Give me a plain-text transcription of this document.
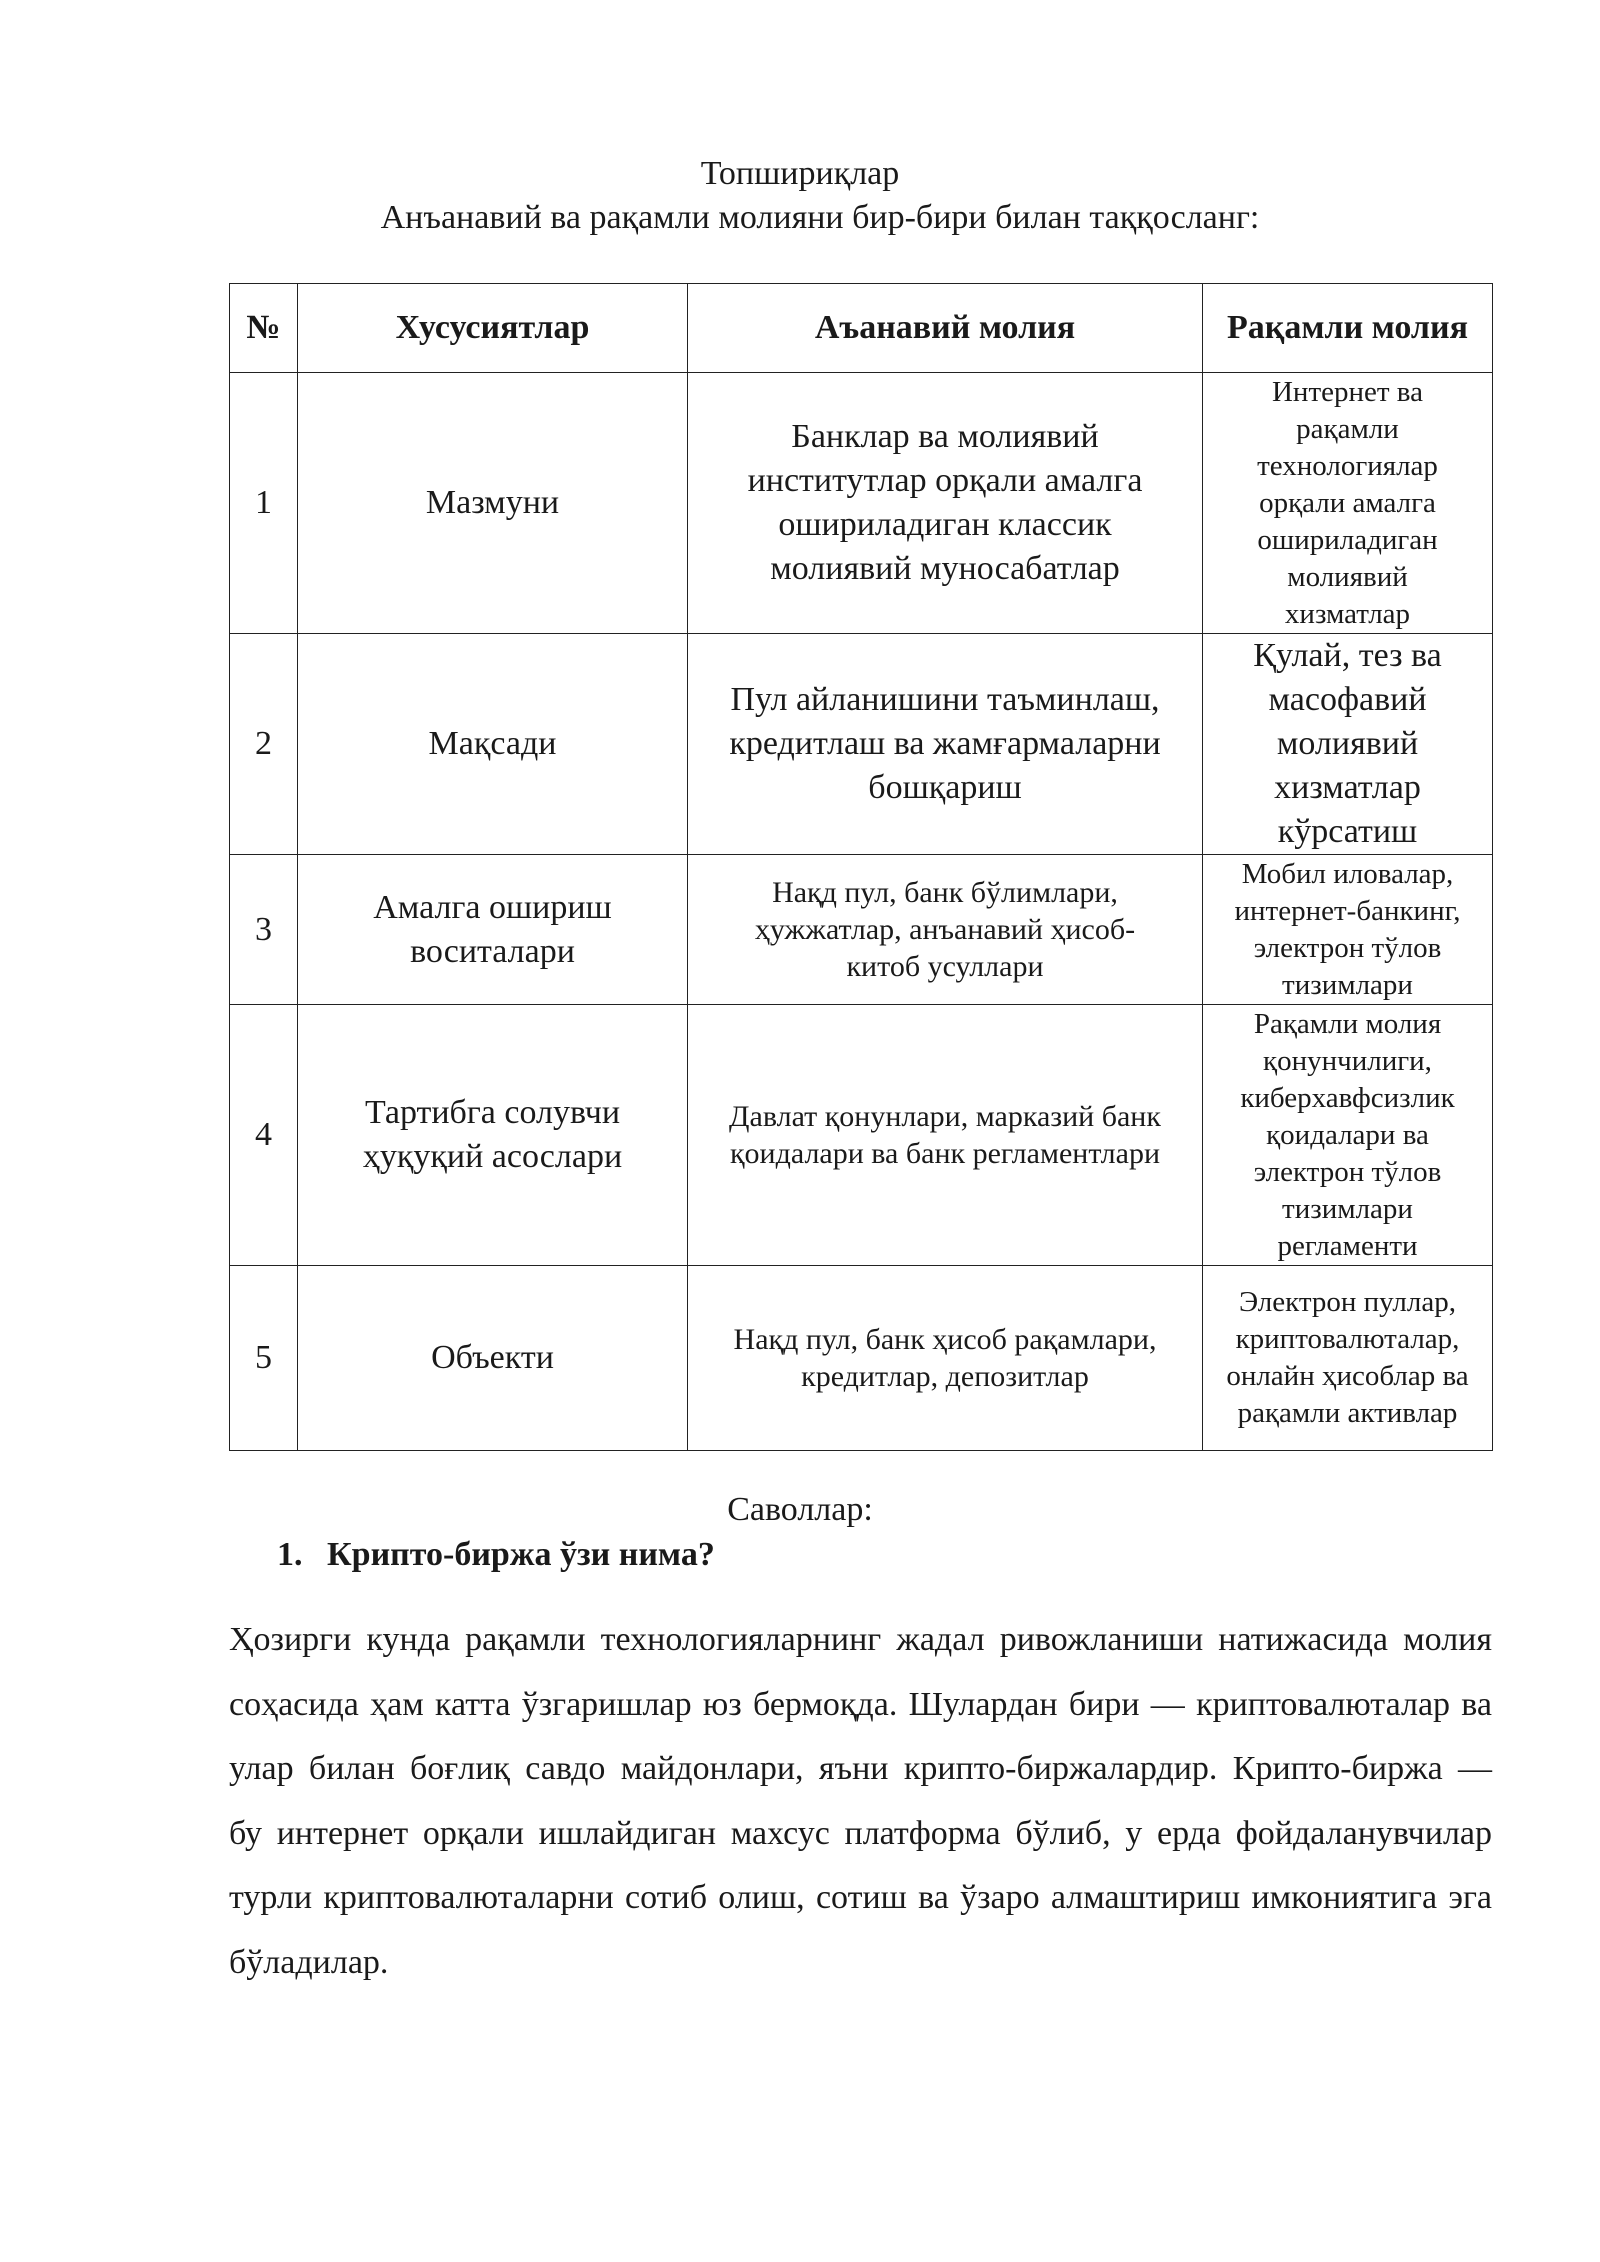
Топшириқлар
Анъанавий ва рақамли молияни бир-бири билан таққосланг:
№	Хусусиятлар	Аъанавий молия	Рақамли молия
1	Мазмуни	Банклар ва молиявий институтлар орқали амалга ошириладиган классик молиявий муносабатлар	Интернет ва рақамли технологиялар орқали амалга ошириладиган молиявий хизматлар
2	Мақсади	Пул айланишини таъминлаш, кредитлаш ва жамғармаларни бошқариш	Қулай, тез ва масофавий молиявий хизматлар кўрсатиш
3	Амалга ошириш воситалари	Нақд пул, банк бўлимлари, ҳужжатлар, анъанавий ҳисоб-китоб усуллари	Мобил иловалар, интернет-банкинг, электрон тўлов тизимлари
4	Тартибга солувчи ҳуқуқий асослари	Давлат қонунлари, марказий банк қоидалари ва банк регламентлари	Рақамли молия қонунчилиги, киберхавфсизлик қоидалари ва электрон тўлов тизимлари регламенти
5	Объекти	Нақд пул, банк ҳисоб рақамлари, кредитлар, депозитлар	Электрон пуллар, криптовалюталар, онлайн ҳисоблар ва рақамли активлар
Саволлар:
1. Крипто-биржа ўзи нима?
Ҳозирги кунда рақамли технологияларнинг жадал ривожланиши натижасида молия соҳасида ҳам катта ўзгаришлар юз бермоқда. Шулардан бири — криптовалюталар ва улар билан боғлиқ савдо майдонлари, яъни крипто-биржалардир. Крипто-биржа — бу интернет орқали ишлайдиган махсус платформа бўлиб, у ерда фойдаланувчилар турли криптовалюталарни сотиб олиш, сотиш ва ўзаро алмаштириш имкониятига эга бўладилар.
